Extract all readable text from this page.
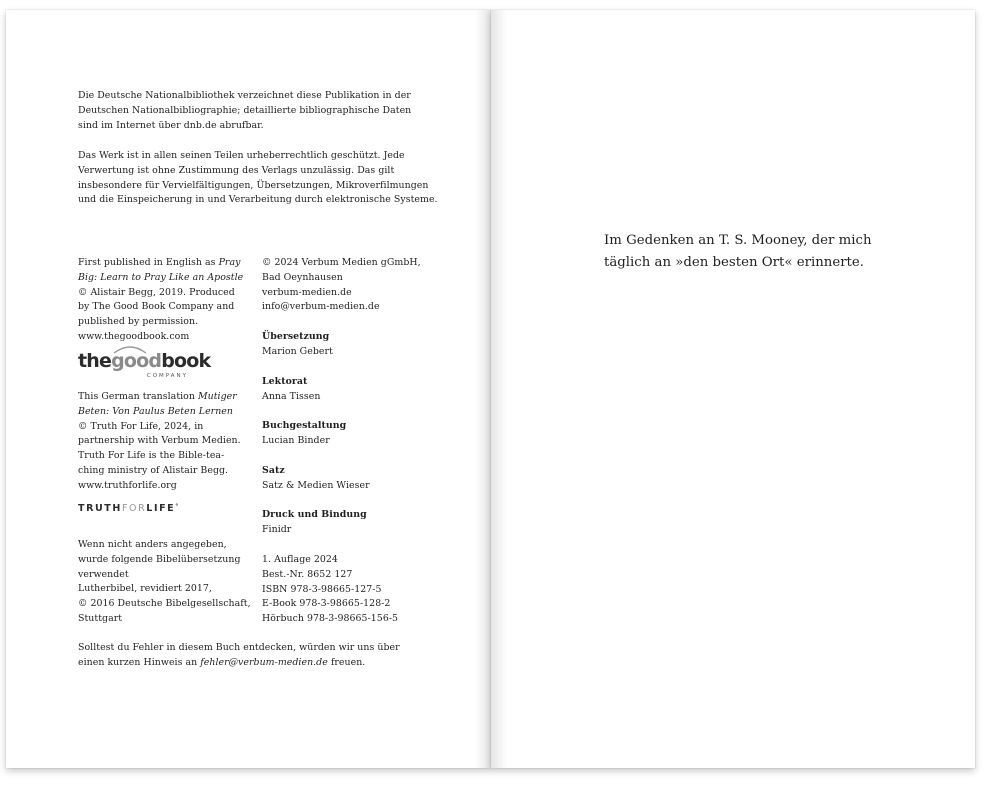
Die Deutsche Nationalbibliothek verzeichnet diese Publikation in der
Deutschen Nationalbibliographie; detaillierte bibliographische Daten
sind im Internet über dnb.de abrufbar.

Das Werk ist in allen seinen Teilen urheberrechtlich geschützt. Jede
Verwertung ist ohne Zustimmung des Verlags unzulässig. Das gilt
insbesondere für Vervielfältigungen, Übersetzungen, Mikroverfilmungen
und die Einspeicherung in und Verarbeitung durch elektronische Systeme.

First published in English as Pray
Big: Learn to Pray Like an Apostle
© Alistair Begg, 2019. Produced
by The Good Book Company and
published by permission.
www.thegoodbook.com
thegoodbook
COMPANY
This German translation Mutiger
Beten: Von Paulus Beten Lernen
© Truth For Life, 2024, in
partnership with Verbum Medien.
Truth For Life is the Bible-tea-
ching ministry of Alistair Begg.
www.truthforlife.org
TRUTHFORLIFE°
Wenn nicht anders angegeben,
wurde folgende Bibelübersetzung
verwendet
Lutherbibel, revidiert 2017,
© 2016 Deutsche Bibelgesellschaft,
Stuttgart
© 2024 Verbum Medien gGmbH,
Bad Oeynhausen
verbum-medien.de
info@verbum-medien.de
Übersetzung
Marion Gebert
Lektorat
Anna Tissen
Buchgestaltung
Lucian Binder
Satz
Satz & Medien Wieser
Druck und Bindung
Finidr
1. Auflage 2024
Best.-Nr. 8652 127
ISBN 978-3-98665-127-5
E-Book 978-3-98665-128-2
Hörbuch 978-3-98665-156-5

Solltest du Fehler in diesem Buch entdecken, würden wir uns über
einen kurzen Hinweis an fehler@verbum-medien.de freuen.

Im Gedenken an T. S. Mooney, der mich
täglich an »den besten Ort« erinnerte.
